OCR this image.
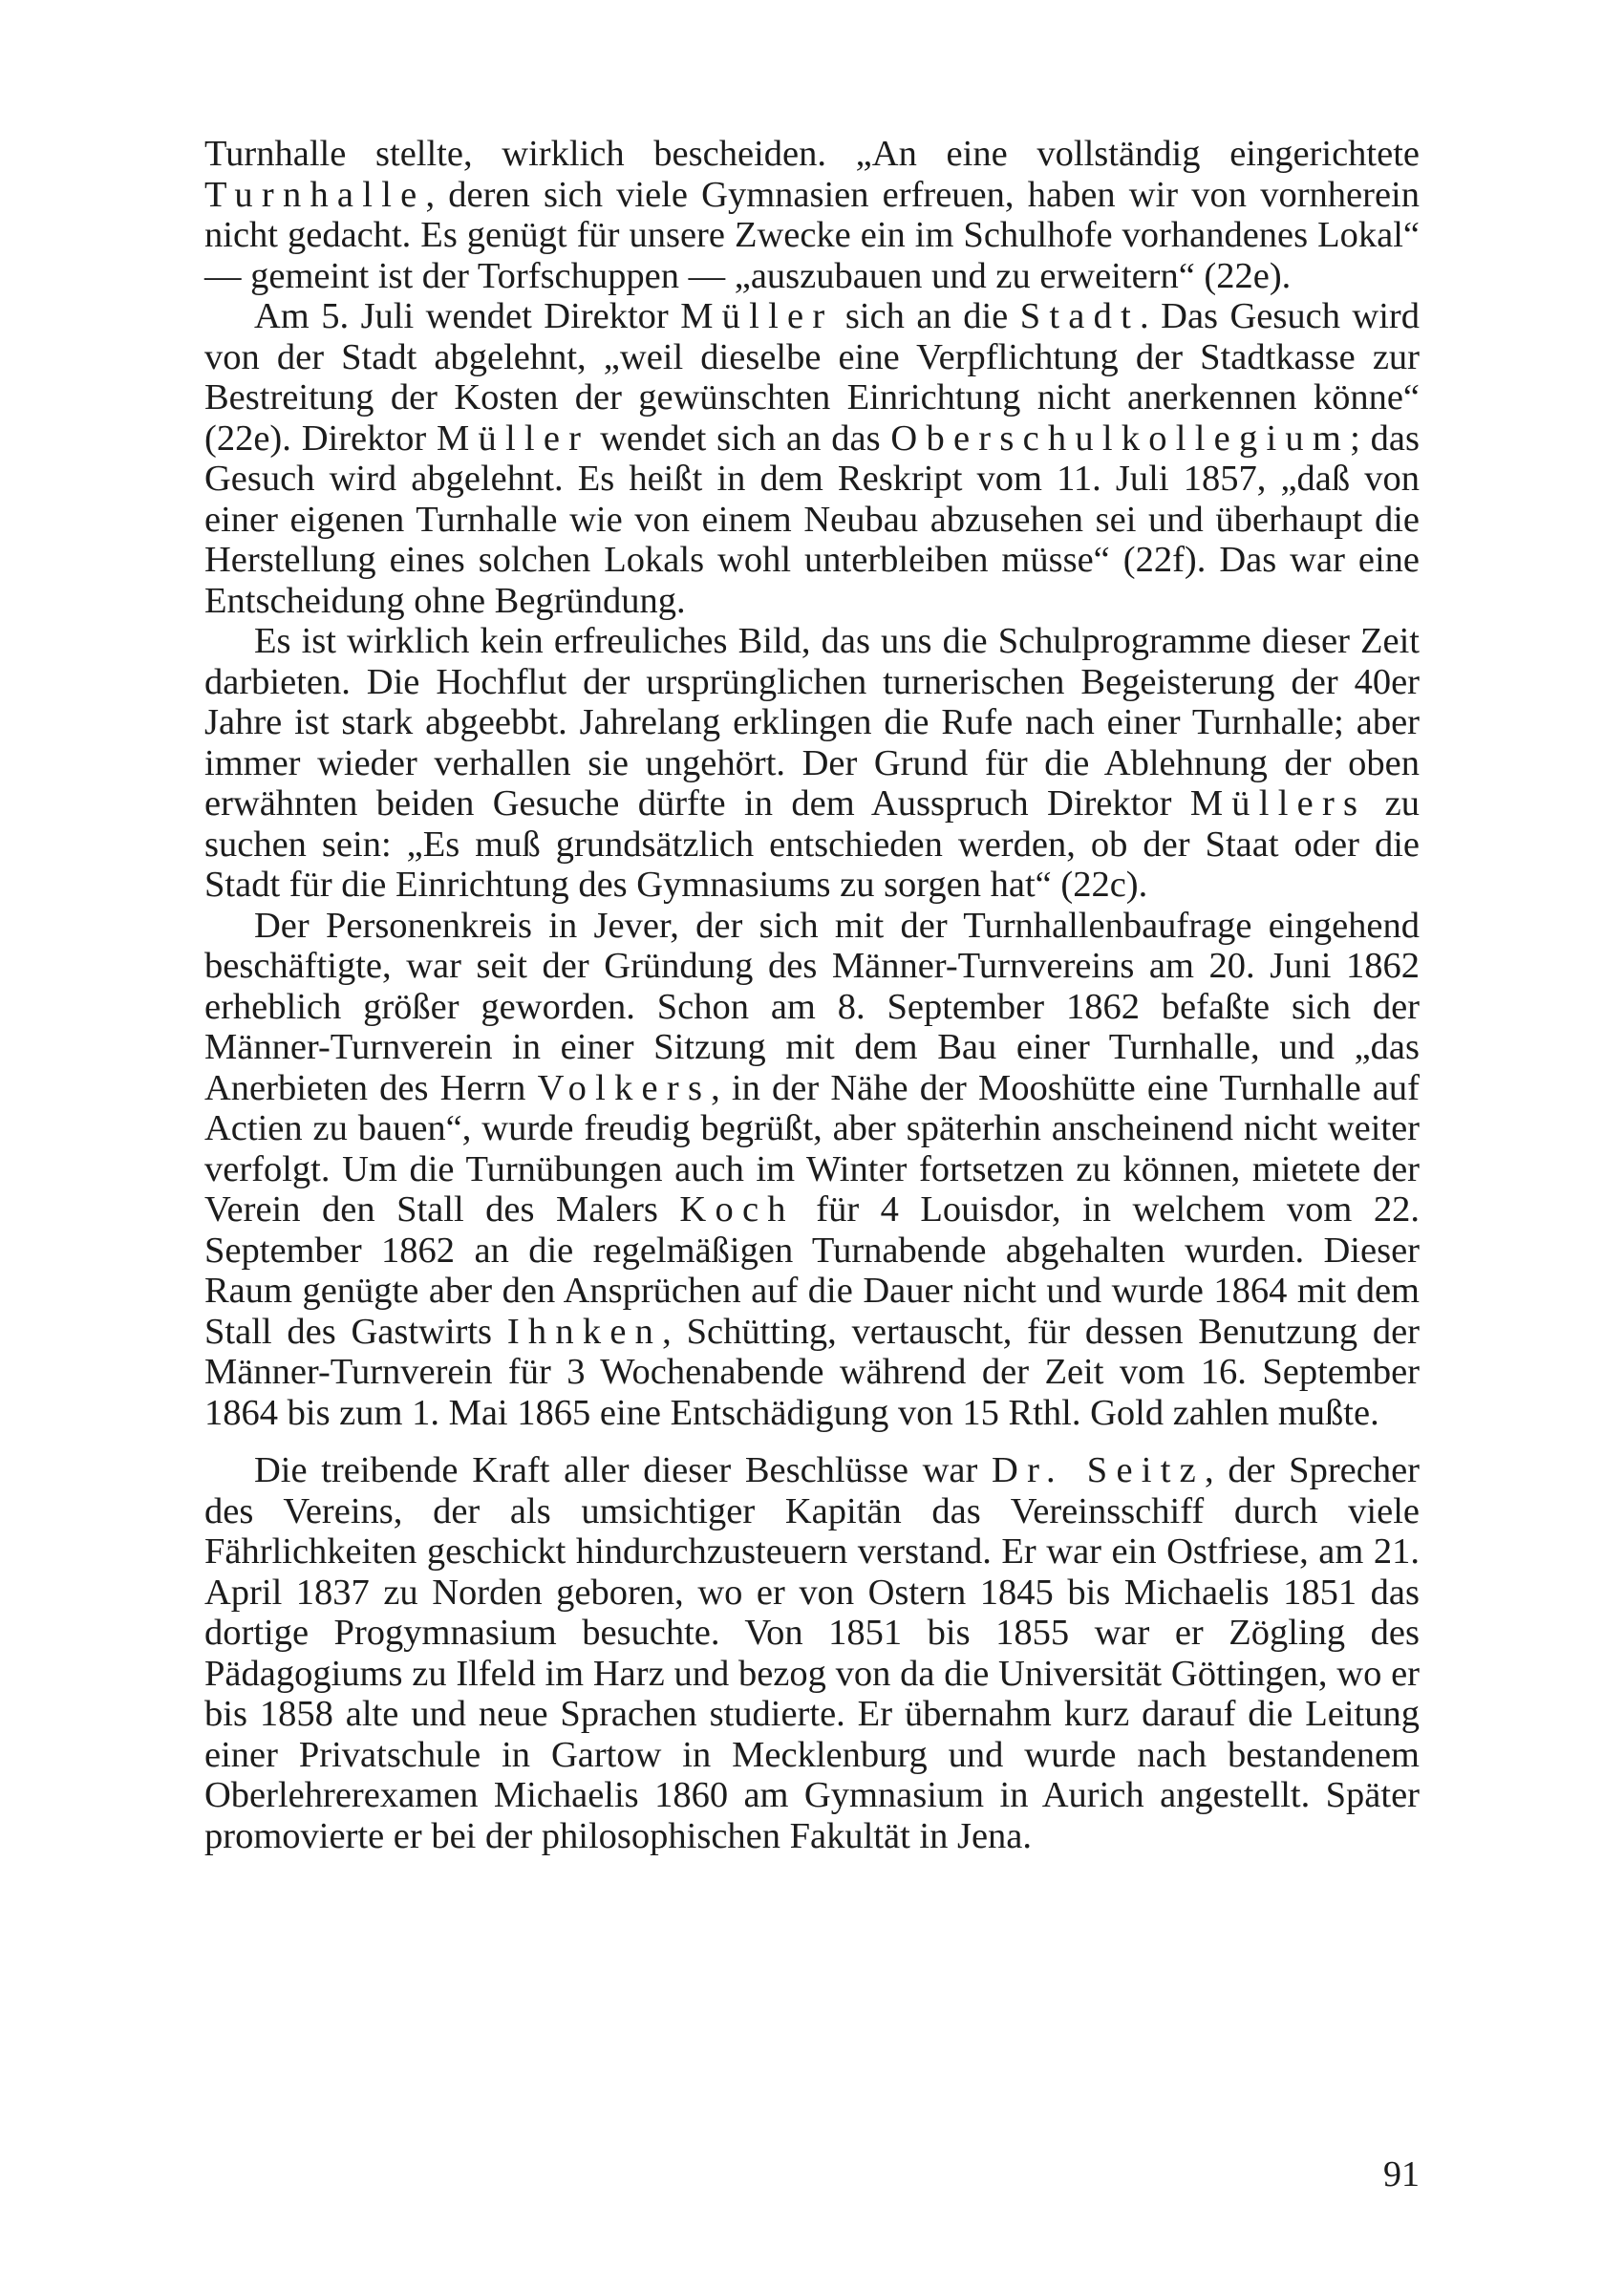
Turnhalle stellte, wirklich bescheiden. „An eine vollständig eingerichtete Turnhalle, deren sich viele Gymnasien erfreuen, haben wir von vornherein nicht gedacht. Es genügt für unsere Zwecke ein im Schulhofe vorhandenes Lokal“ — gemeint ist der Torfschuppen — „auszubauen und zu erweitern“ (22e).

Am 5. Juli wendet Direktor Müller sich an die Stadt. Das Gesuch wird von der Stadt abgelehnt, „weil dieselbe eine Verpflichtung der Stadtkasse zur Bestreitung der Kosten der gewünschten Einrichtung nicht anerkennen könne“ (22e). Direktor Müller wendet sich an das Oberschulkollegium; das Gesuch wird abgelehnt. Es heißt in dem Reskript vom 11. Juli 1857, „daß von einer eigenen Turnhalle wie von einem Neubau abzusehen sei und überhaupt die Herstellung eines solchen Lokals wohl unterbleiben müsse“ (22f). Das war eine Entscheidung ohne Begründung.

Es ist wirklich kein erfreuliches Bild, das uns die Schulprogramme dieser Zeit darbieten. Die Hochflut der ursprünglichen turnerischen Begeisterung der 40er Jahre ist stark abgeebbt. Jahrelang erklingen die Rufe nach einer Turnhalle; aber immer wieder verhallen sie ungehört. Der Grund für die Ablehnung der oben erwähnten beiden Gesuche dürfte in dem Ausspruch Direktor Müllers zu suchen sein: „Es muß grundsätzlich entschieden werden, ob der Staat oder die Stadt für die Einrichtung des Gymnasiums zu sorgen hat“ (22c).

Der Personenkreis in Jever, der sich mit der Turnhallenbaufrage eingehend beschäftigte, war seit der Gründung des Männer-Turnvereins am 20. Juni 1862 erheblich größer geworden. Schon am 8. September 1862 befaßte sich der Männer-Turnverein in einer Sitzung mit dem Bau einer Turnhalle, und „das Anerbieten des Herrn Volkers, in der Nähe der Mooshütte eine Turnhalle auf Actien zu bauen“, wurde freudig begrüßt, aber späterhin anscheinend nicht weiter verfolgt. Um die Turnübungen auch im Winter fortsetzen zu können, mietete der Verein den Stall des Malers Koch für 4 Louisdor, in welchem vom 22. September 1862 an die regelmäßigen Turnabende abgehalten wurden. Dieser Raum genügte aber den Ansprüchen auf die Dauer nicht und wurde 1864 mit dem Stall des Gastwirts Ihnken, Schütting, vertauscht, für dessen Benutzung der Männer-Turnverein für 3 Wochenabende während der Zeit vom 16. September 1864 bis zum 1. Mai 1865 eine Entschädigung von 15 Rthl. Gold zahlen mußte.

Die treibende Kraft aller dieser Beschlüsse war Dr. Seitz, der Sprecher des Vereins, der als umsichtiger Kapitän das Vereinsschiff durch viele Fährlichkeiten geschickt hindurchzusteuern verstand. Er war ein Ostfriese, am 21. April 1837 zu Norden geboren, wo er von Ostern 1845 bis Michaelis 1851 das dortige Progymnasium besuchte. Von 1851 bis 1855 war er Zögling des Pädagogiums zu Ilfeld im Harz und bezog von da die Universität Göttingen, wo er bis 1858 alte und neue Sprachen studierte. Er übernahm kurz darauf die Leitung einer Privatschule in Gartow in Mecklenburg und wurde nach bestandenem Oberlehrerexamen Michaelis 1860 am Gymnasium in Aurich angestellt. Später promovierte er bei der philosophischen Fakultät in Jena.

91
